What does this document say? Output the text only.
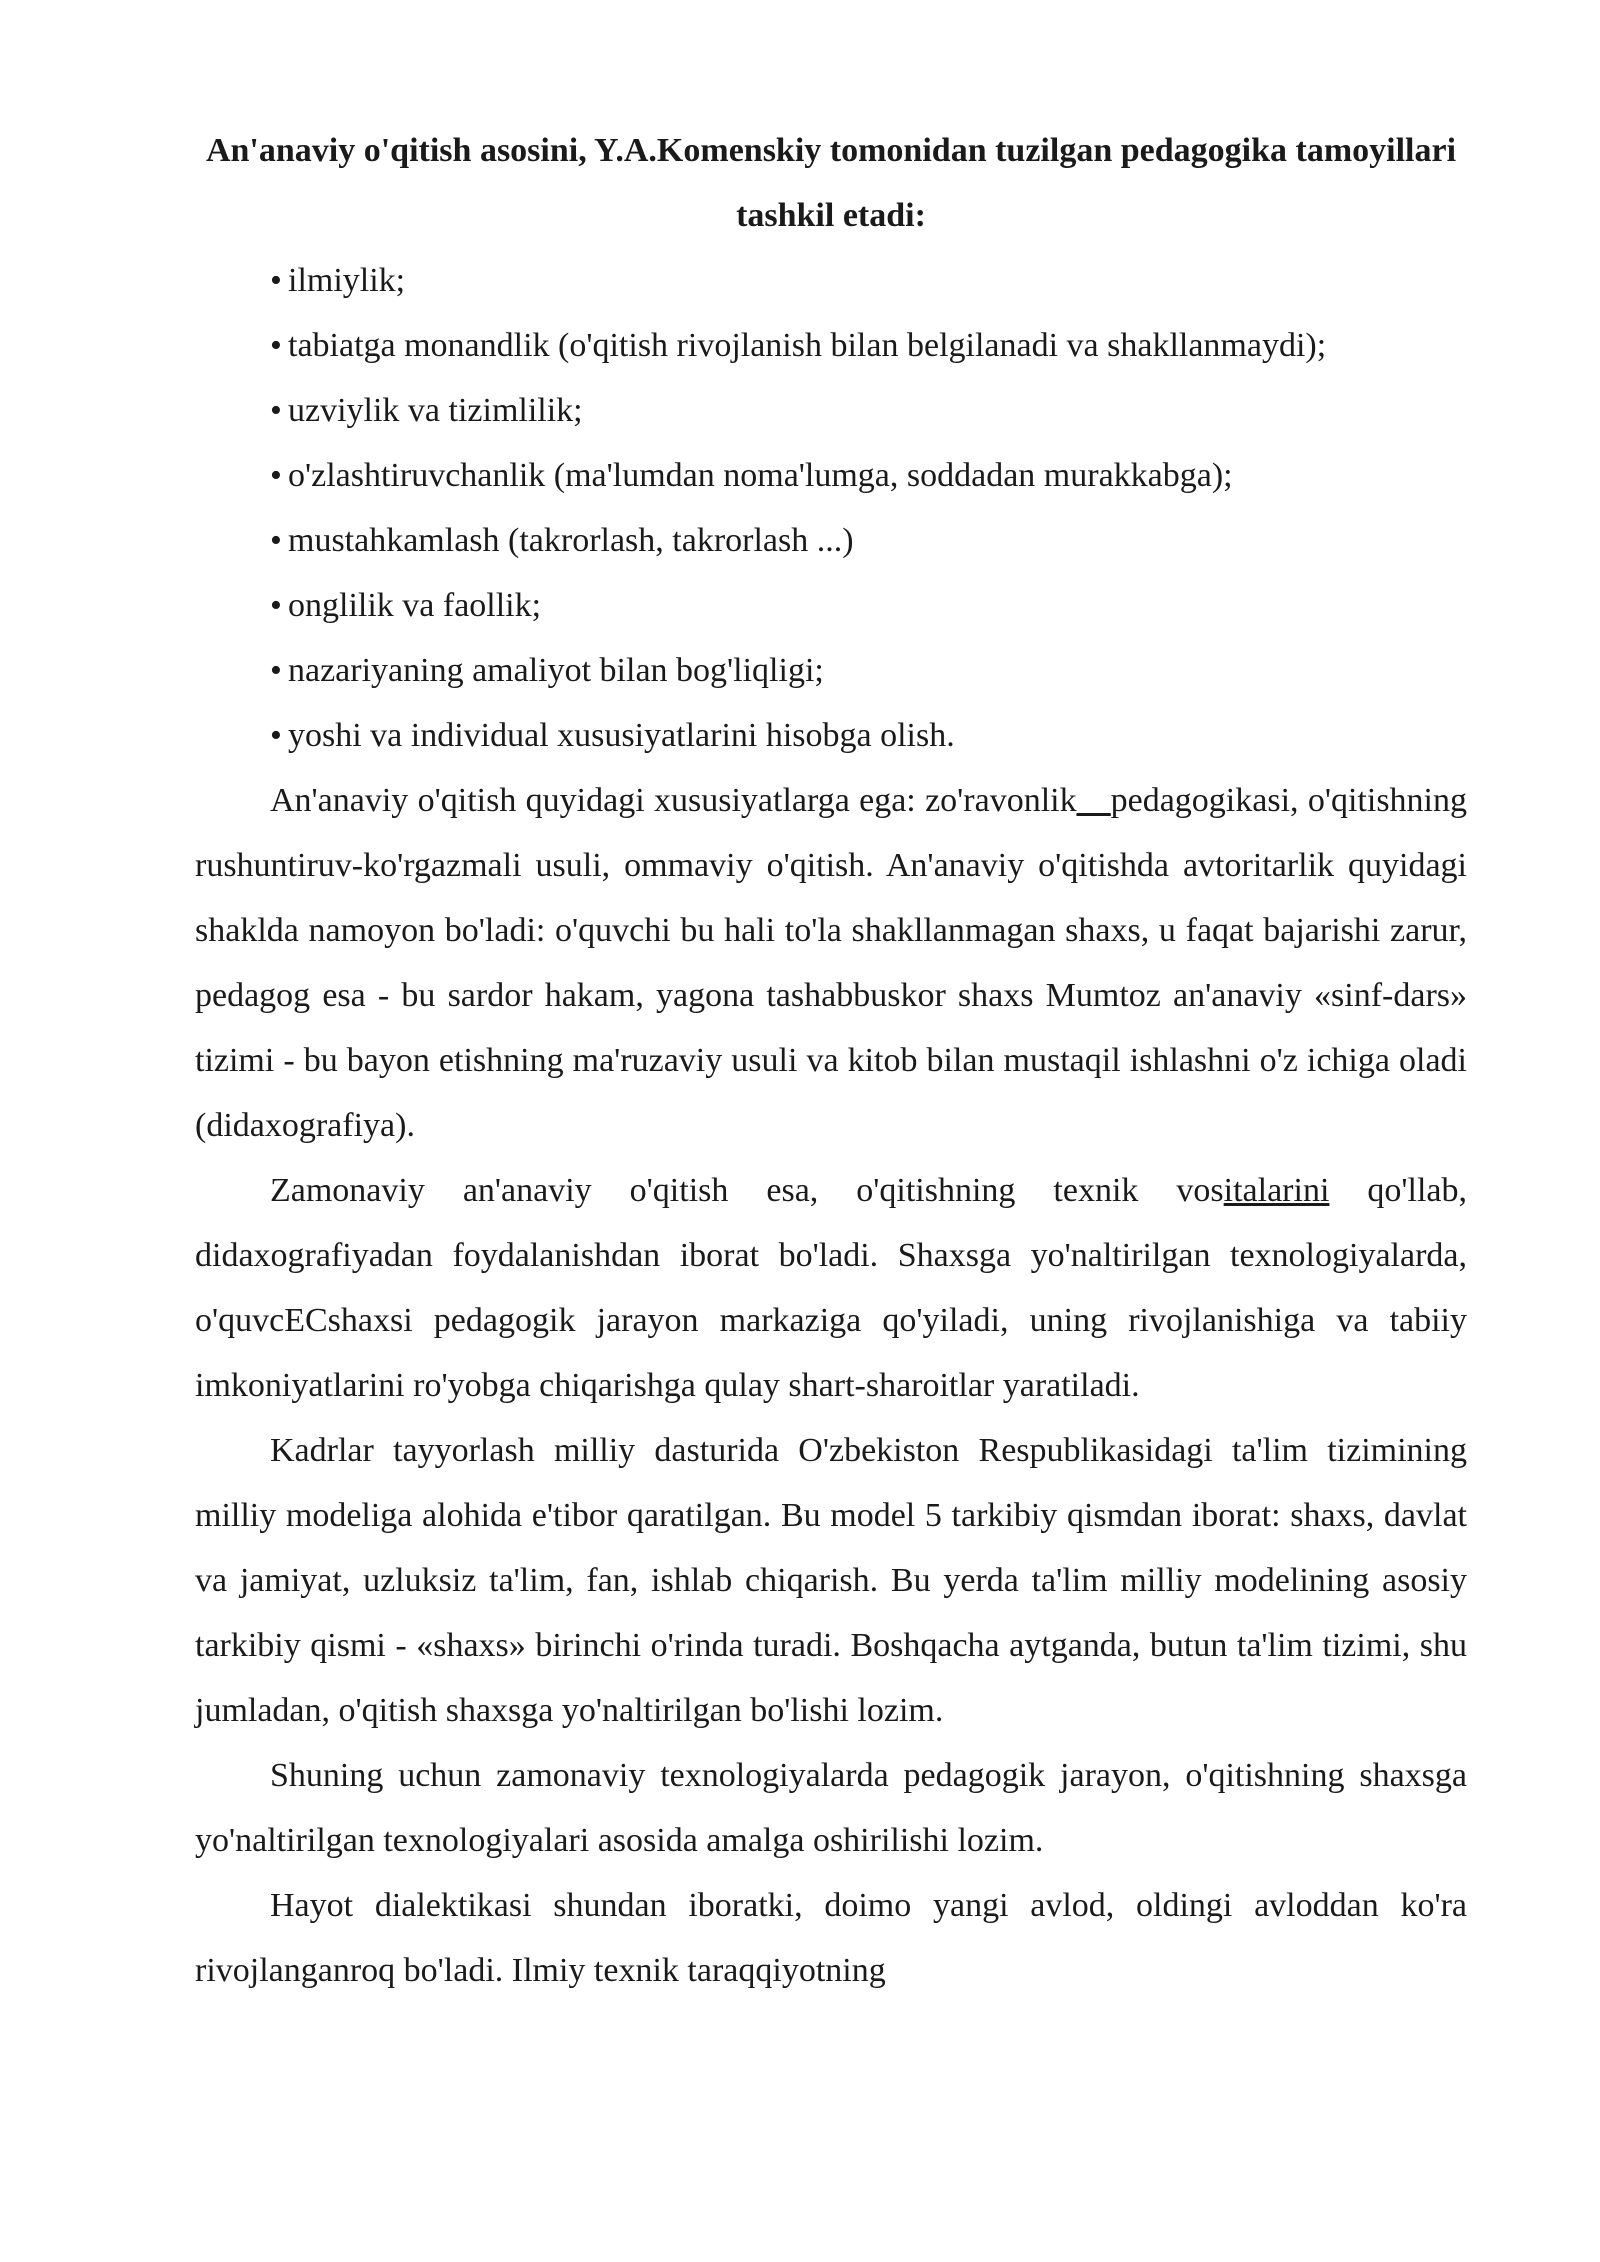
An'anaviy o'qitish asosini, Y.A.Komenskiy tomonidan tuzilgan pedagogika tamoyillari tashkil etadi:

• ilmiylik;
• tabiatga monandlik (o'qitish rivojlanish bilan belgilanadi va shakllanmaydi);
• uzviylik va tizimlilik;
• o'zlashtiruvchanlik (ma'lumdan noma'lumga, soddadan murakkabga);
• mustahkamlash (takrorlash, takrorlash ...)
• onglilik va faollik;
• nazariyaning amaliyot bilan bog'liqligi;
• yoshi va individual xususiyatlarini hisobga olish.

An'anaviy o'qitish quyidagi xususiyatlarga ega: zo'ravonlik__pedagogikasi, o'qitishning rushuntiruv-ko'rgazmali usuli, ommaviy o'qitish. An'anaviy o'qitishda avtoritarlik quyidagi shaklda namoyon bo'ladi: o'quvchi bu hali to'la shakllanmagan shaxs, u faqat bajarishi zarur, pedagog esa - bu sardor hakam, yagona tashabbuskor shaxs Mumtoz an'anaviy «sinf-dars» tizimi - bu bayon etishning ma'ruzaviy usuli va kitob bilan mustaqil ishlashni o'z ichiga oladi (didaxografiya).

Zamonaviy an'anaviy o'qitish esa, o'qitishning texnik vositalarini qo'llab, didaxografiyadan foydalanishdan iborat bo'ladi. Shaxsga yo'naltirilgan texnologiyalarda, o'quvcECshaxsi pedagogik jarayon markaziga qo'yiladi, uning rivojlanishiga va tabiiy imkoniyatlarini ro'yobga chiqarishga qulay shart-sharoitlar yaratiladi.

Kadrlar tayyorlash milliy dasturida O'zbekiston Respublikasidagi ta'lim tizimining milliy modeliga alohida e'tibor qaratilgan. Bu model 5 tarkibiy qismdan iborat: shaxs, davlat va jamiyat, uzluksiz ta'lim, fan, ishlab chiqarish. Bu yerda ta'lim milliy modelining asosiy tarkibiy qismi - «shaxs» birinchi o'rinda turadi. Boshqacha aytganda, butun ta'lim tizimi, shu jumladan, o'qitish shaxsga yo'naltirilgan bo'lishi lozim.

Shuning uchun zamonaviy texnologiyalarda pedagogik jarayon, o'qitishning shaxsga yo'naltirilgan texnologiyalari asosida amalga oshirilishi lozim.

Hayot dialektikasi shundan iboratki, doimo yangi avlod, oldingi avloddan ko'ra rivojlanganroq bo'ladi. Ilmiy texnik taraqqiyotning
